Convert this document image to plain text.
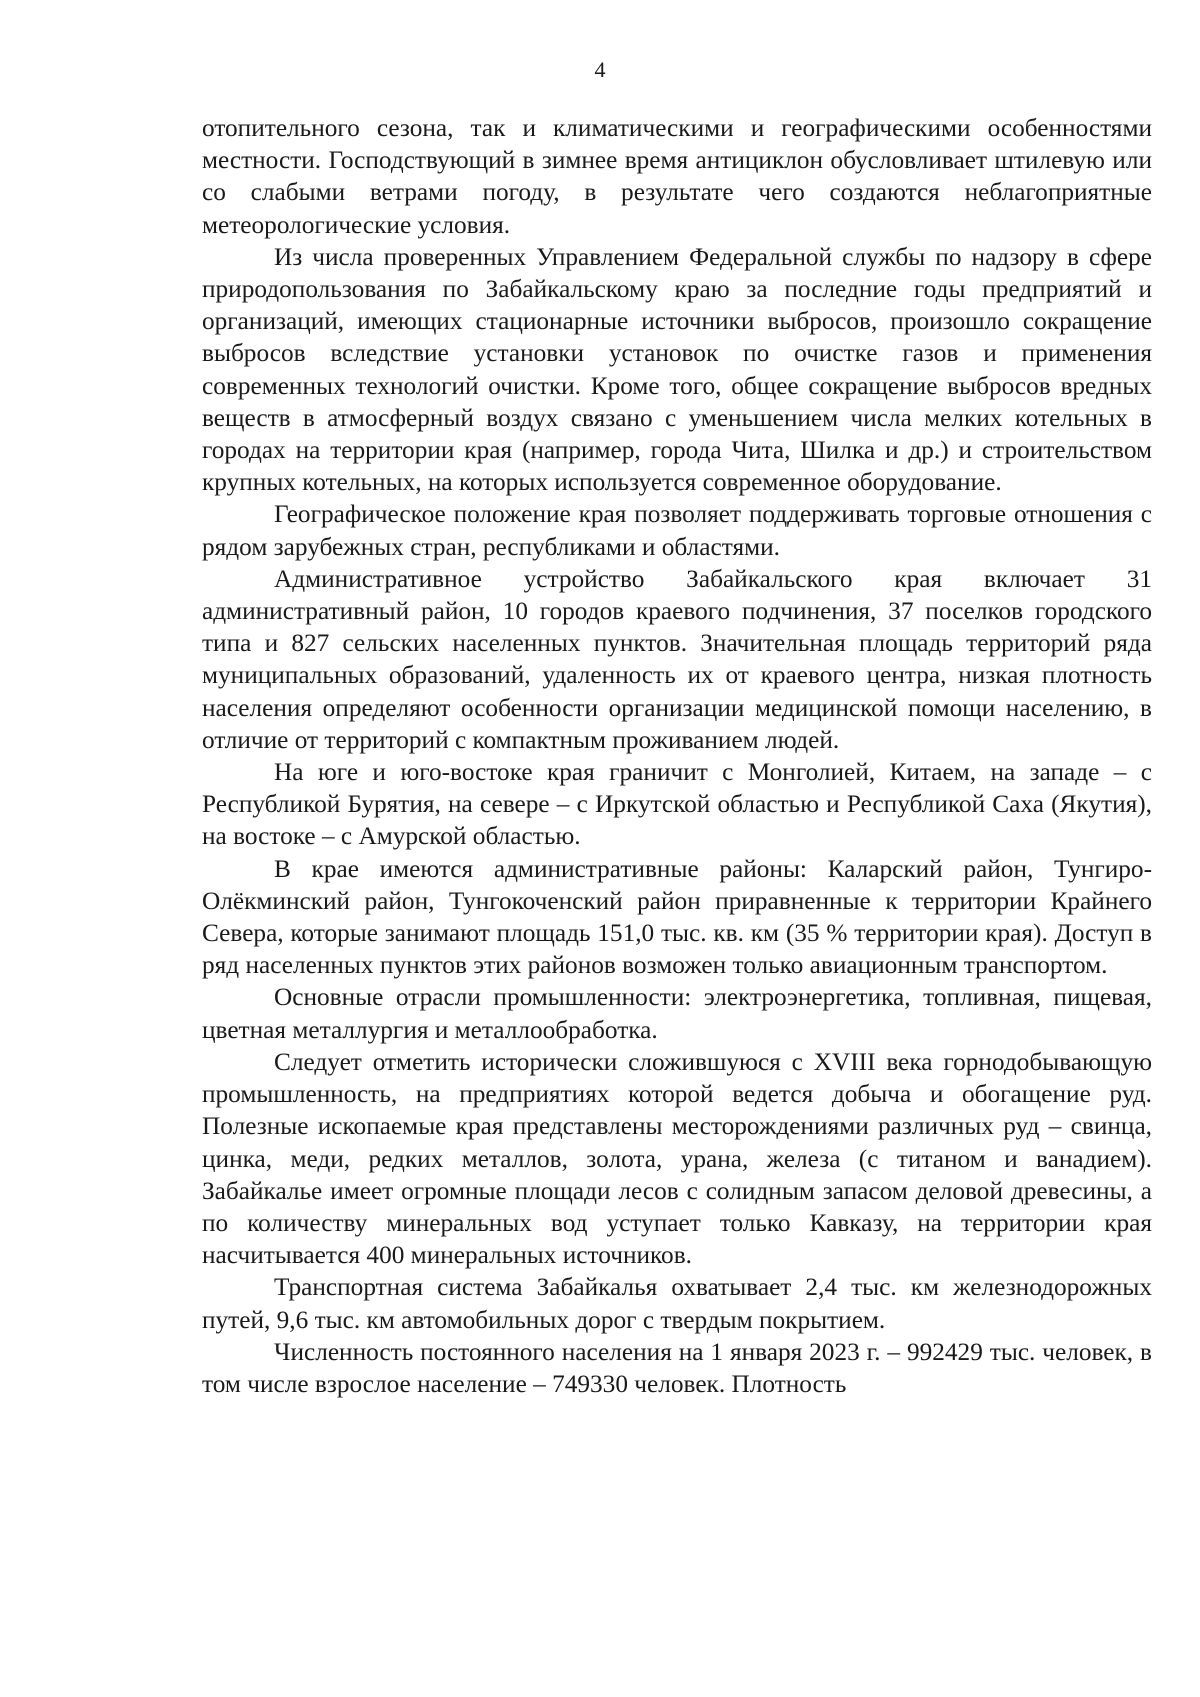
4

отопительного сезона, так и климатическими и географическими особенностями местности. Господствующий в зимнее время антициклон обусловливает штилевую или со слабыми ветрами погоду, в результате чего создаются неблагоприятные метеорологические условия.

Из числа проверенных Управлением Федеральной службы по надзору в сфере природопользования по Забайкальскому краю за последние годы предприятий и организаций, имеющих стационарные источники выбросов, произошло сокращение выбросов вследствие установки установок по очистке газов и применения современных технологий очистки. Кроме того, общее сокращение выбросов вредных веществ в атмосферный воздух связано с уменьшением числа мелких котельных в городах на территории края (например, города Чита, Шилка и др.) и строительством крупных котельных, на которых используется современное оборудование.

Географическое положение края позволяет поддерживать торговые отношения с рядом зарубежных стран, республиками и областями.

Административное устройство Забайкальского края включает 31 административный район, 10 городов краевого подчинения, 37 поселков городского типа и 827 сельских населенных пунктов. Значительная площадь территорий ряда муниципальных образований, удаленность их от краевого центра, низкая плотность населения определяют особенности организации медицинской помощи населению, в отличие от территорий с компактным проживанием людей.

На юге и юго-востоке края граничит с Монголией, Китаем, на западе – с Республикой Бурятия, на севере – с Иркутской областью и Республикой Саха (Якутия), на востоке – с Амурской областью.

В крае имеются административные районы: Каларский район, Тунгиро-Олёкминский район, Тунгокоченский район приравненные к территории Крайнего Севера, которые занимают площадь 151,0 тыс. кв. км (35 % территории края). Доступ в ряд населенных пунктов этих районов возможен только авиационным транспортом.

Основные отрасли промышленности: электроэнергетика, топливная, пищевая, цветная металлургия и металлообработка.

Следует отметить исторически сложившуюся с XVIII века горнодобывающую промышленность, на предприятиях которой ведется добыча и обогащение руд. Полезные ископаемые края представлены месторождениями различных руд – свинца, цинка, меди, редких металлов, золота, урана, железа (с титаном и ванадием). Забайкалье имеет огромные площади лесов с солидным запасом деловой древесины, а по количеству минеральных вод уступает только Кавказу, на территории края насчитывается 400 минеральных источников.

Транспортная система Забайкалья охватывает 2,4 тыс. км железнодорожных путей, 9,6 тыс. км автомобильных дорог с твердым покрытием.

Численность постоянного населения на 1 января 2023 г. – 992429 тыс. человек, в том числе взрослое население – 749330 человек. Плотность
